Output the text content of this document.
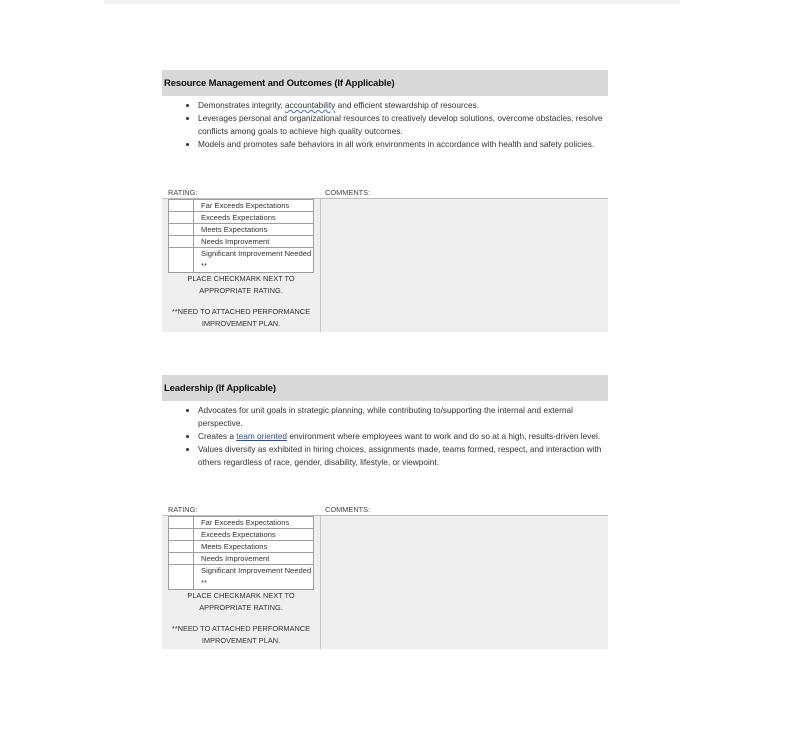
Resource Management and Outcomes (If Applicable)
• Demonstrates integrity, accountability and efficient stewardship of resources.
• Leverages personal and organizational resources to creatively develop solutions, overcome obstacles, resolve conflicts among goals to achieve high quality outcomes.
• Models and promotes safe behaviors in all work environments in accordance with health and safety policies.
RATING:	COMMENTS:
	Far Exceeds Expectations
	Exceeds Expectations
	Meets Expectations
	Needs Improvement
	Significant Improvement Needed **
PLACE CHECKMARK NEXT TO APPROPRIATE RATING.
**NEED TO ATTACHED PERFORMANCE IMPROVEMENT PLAN.
Leadership (If Applicable)
• Advocates for unit goals in strategic planning, while contributing to/supporting the internal and external perspective.
• Creates a team oriented environment where employees want to work and do so at a high, results-driven level.
• Values diversity as exhibited in hiring choices, assignments made, teams formed, respect, and interaction with others regardless of race, gender, disability, lifestyle, or viewpoint.
RATING:	COMMENTS:
	Far Exceeds Expectations
	Exceeds Expectations
	Meets Expectations
	Needs Improvement
	Significant Improvement Needed **
PLACE CHECKMARK NEXT TO APPROPRIATE RATING.
**NEED TO ATTACHED PERFORMANCE IMPROVEMENT PLAN.
